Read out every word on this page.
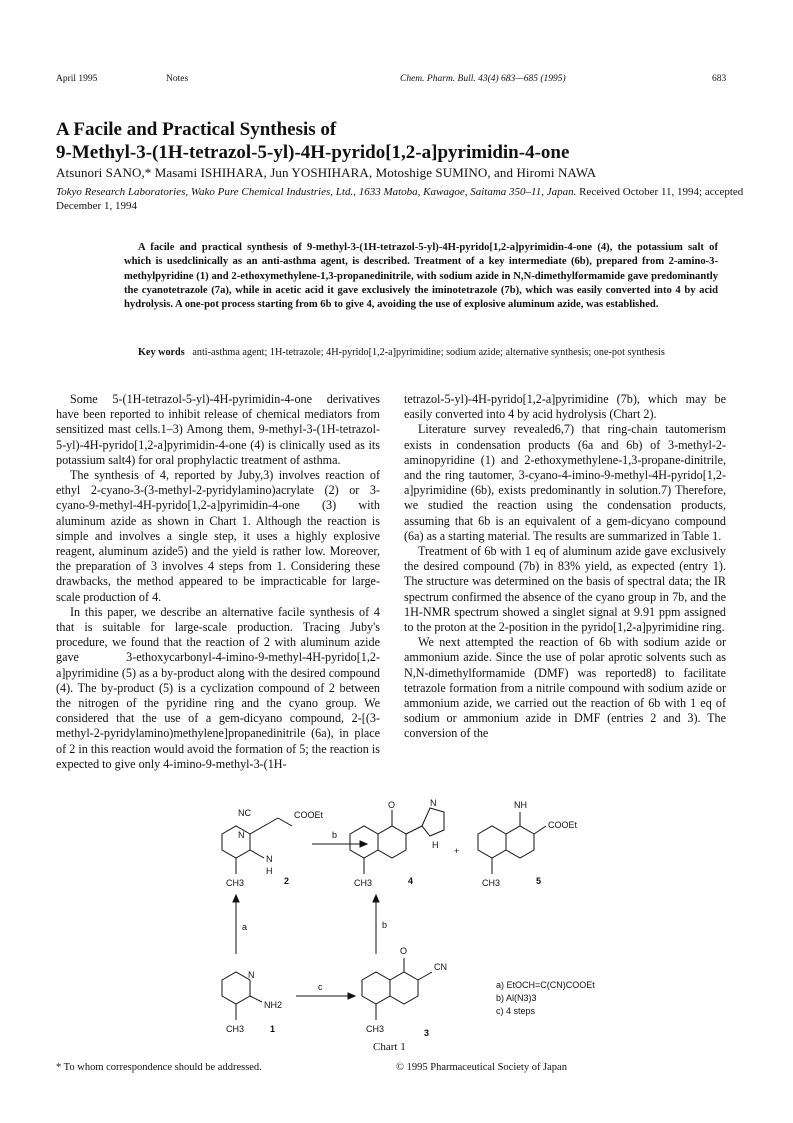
April 1995	Notes	Chem. Pharm. Bull. 43(4) 683—685 (1995)	683
A Facile and Practical Synthesis of
9-Methyl-3-(1H-tetrazol-5-yl)-4H-pyrido[1,2-a]pyrimidin-4-one
Atsunori SANO,* Masami ISHIHARA, Jun YOSHIHARA, Motoshige SUMINO, and Hiromi NAWA
Tokyo Research Laboratories, Wako Pure Chemical Industries, Ltd., 1633 Matoba, Kawagoe, Saitama 350–11, Japan. Received October 11, 1994; accepted December 1, 1994
A facile and practical synthesis of 9-methyl-3-(1H-tetrazol-5-yl)-4H-pyrido[1,2-a]pyrimidin-4-one (4), the potassium salt of which is usedclinically as an anti-asthma agent, is described. Treatment of a key intermediate (6b), prepared from 2-amino-3-methylpyridine (1) and 2-ethoxymethylene-1,3-propanedinitrile, with sodium azide in N,N-dimethylformamide gave predominantly the cyanotetrazole (7a), while in acetic acid it gave exclusively the iminotetrazole (7b), which was easily converted into 4 by acid hydrolysis. A one-pot process starting from 6b to give 4, avoiding the use of explosive aluminum azide, was established.
Key words anti-asthma agent; 1H-tetrazole; 4H-pyrido[1,2-a]pyrimidine; sodium azide; alternative synthesis; one-pot synthesis

Some 5-(1H-tetrazol-5-yl)-4H-pyrimidin-4-one derivatives have been reported to inhibit release of chemical mediators from sensitized mast cells.1–3) Among them, 9-methyl-3-(1H-tetrazol-5-yl)-4H-pyrido[1,2-a]pyrimidin-4-one (4) is clinically used as its potassium salt4) for oral prophylactic treatment of asthma.

The synthesis of 4, reported by Juby,3) involves reaction of ethyl 2-cyano-3-(3-methyl-2-pyridylamino)acrylate (2) or 3-cyano-9-methyl-4H-pyrido[1,2-a]pyrimidin-4-one (3) with aluminum azide as shown in Chart 1. Although the reaction is simple and involves a single step, it uses a highly explosive reagent, aluminum azide5) and the yield is rather low. Moreover, the preparation of 3 involves 4 steps from 1. Considering these drawbacks, the method appeared to be impracticable for large-scale production of 4.

In this paper, we describe an alternative facile synthesis of 4 that is suitable for large-scale production. Tracing Juby's procedure, we found that the reaction of 2 with aluminum azide gave 3-ethoxycarbonyl-4-imino-9-methyl-4H-pyrido[1,2-a]pyrimidine (5) as a by-product along with the desired compound (4). The by-product (5) is a cyclization compound of 2 between the nitrogen of the pyridine ring and the cyano group. We considered that the use of a gem-dicyano compound, 2-[(3-methyl-2-pyridylamino)methylene]propanedinitrile (6a), in place of 2 in this reaction would avoid the formation of 5; the reaction is expected to give only 4-imino-9-methyl-3-(1H-

tetrazol-5-yl)-4H-pyrido[1,2-a]pyrimidine (7b), which may be easily converted into 4 by acid hydrolysis (Chart 2).

Literature survey revealed6,7) that ring-chain tautomerism exists in condensation products (6a and 6b) of 3-methyl-2-aminopyridine (1) and 2-ethoxymethylene-1,3-propane-dinitrile, and the ring tautomer, 3-cyano-4-imino-9-methyl-4H-pyrido[1,2-a]pyrimidine (6b), exists predominantly in solution.7) Therefore, we studied the reaction using the condensation products, assuming that 6b is an equivalent of a gem-dicyano compound (6a) as a starting material. The results are summarized in Table 1.

Treatment of 6b with 1 eq of aluminum azide gave exclusively the desired compound (7b) in 83% yield, as expected (entry 1). The structure was determined on the basis of spectral data; the IR spectrum confirmed the absence of the cyano group in 7b, and the 1H-NMR spectrum showed a singlet signal at 9.91 ppm assigned to the proton at the 2-position in the pyrido[1,2-a]pyrimidine ring.

We next attempted the reaction of 6b with sodium azide or ammonium azide. Since the use of polar aprotic solvents such as N,N-dimethylformamide (DMF) was reported8) to facilitate tetrazole formation from a nitrile compound with sodium azide or ammonium azide, we carried out the reaction of 6b with 1 eq of sodium or ammonium azide in DMF (entries 2 and 3). The conversion of the

NC	COOEt
N
N
H
CH3	2
b
O	N
H
CH3	4
+
NH
COOEt
CH3	5
a	b
N
NH2
CH3	1
c
O
CN
CH3	3
a) EtOCH=C(CN)COOEt
b) Al(N3)3
c) 4 steps
Chart 1
* To whom correspondence should be addressed.	© 1995 Pharmaceutical Society of Japan
